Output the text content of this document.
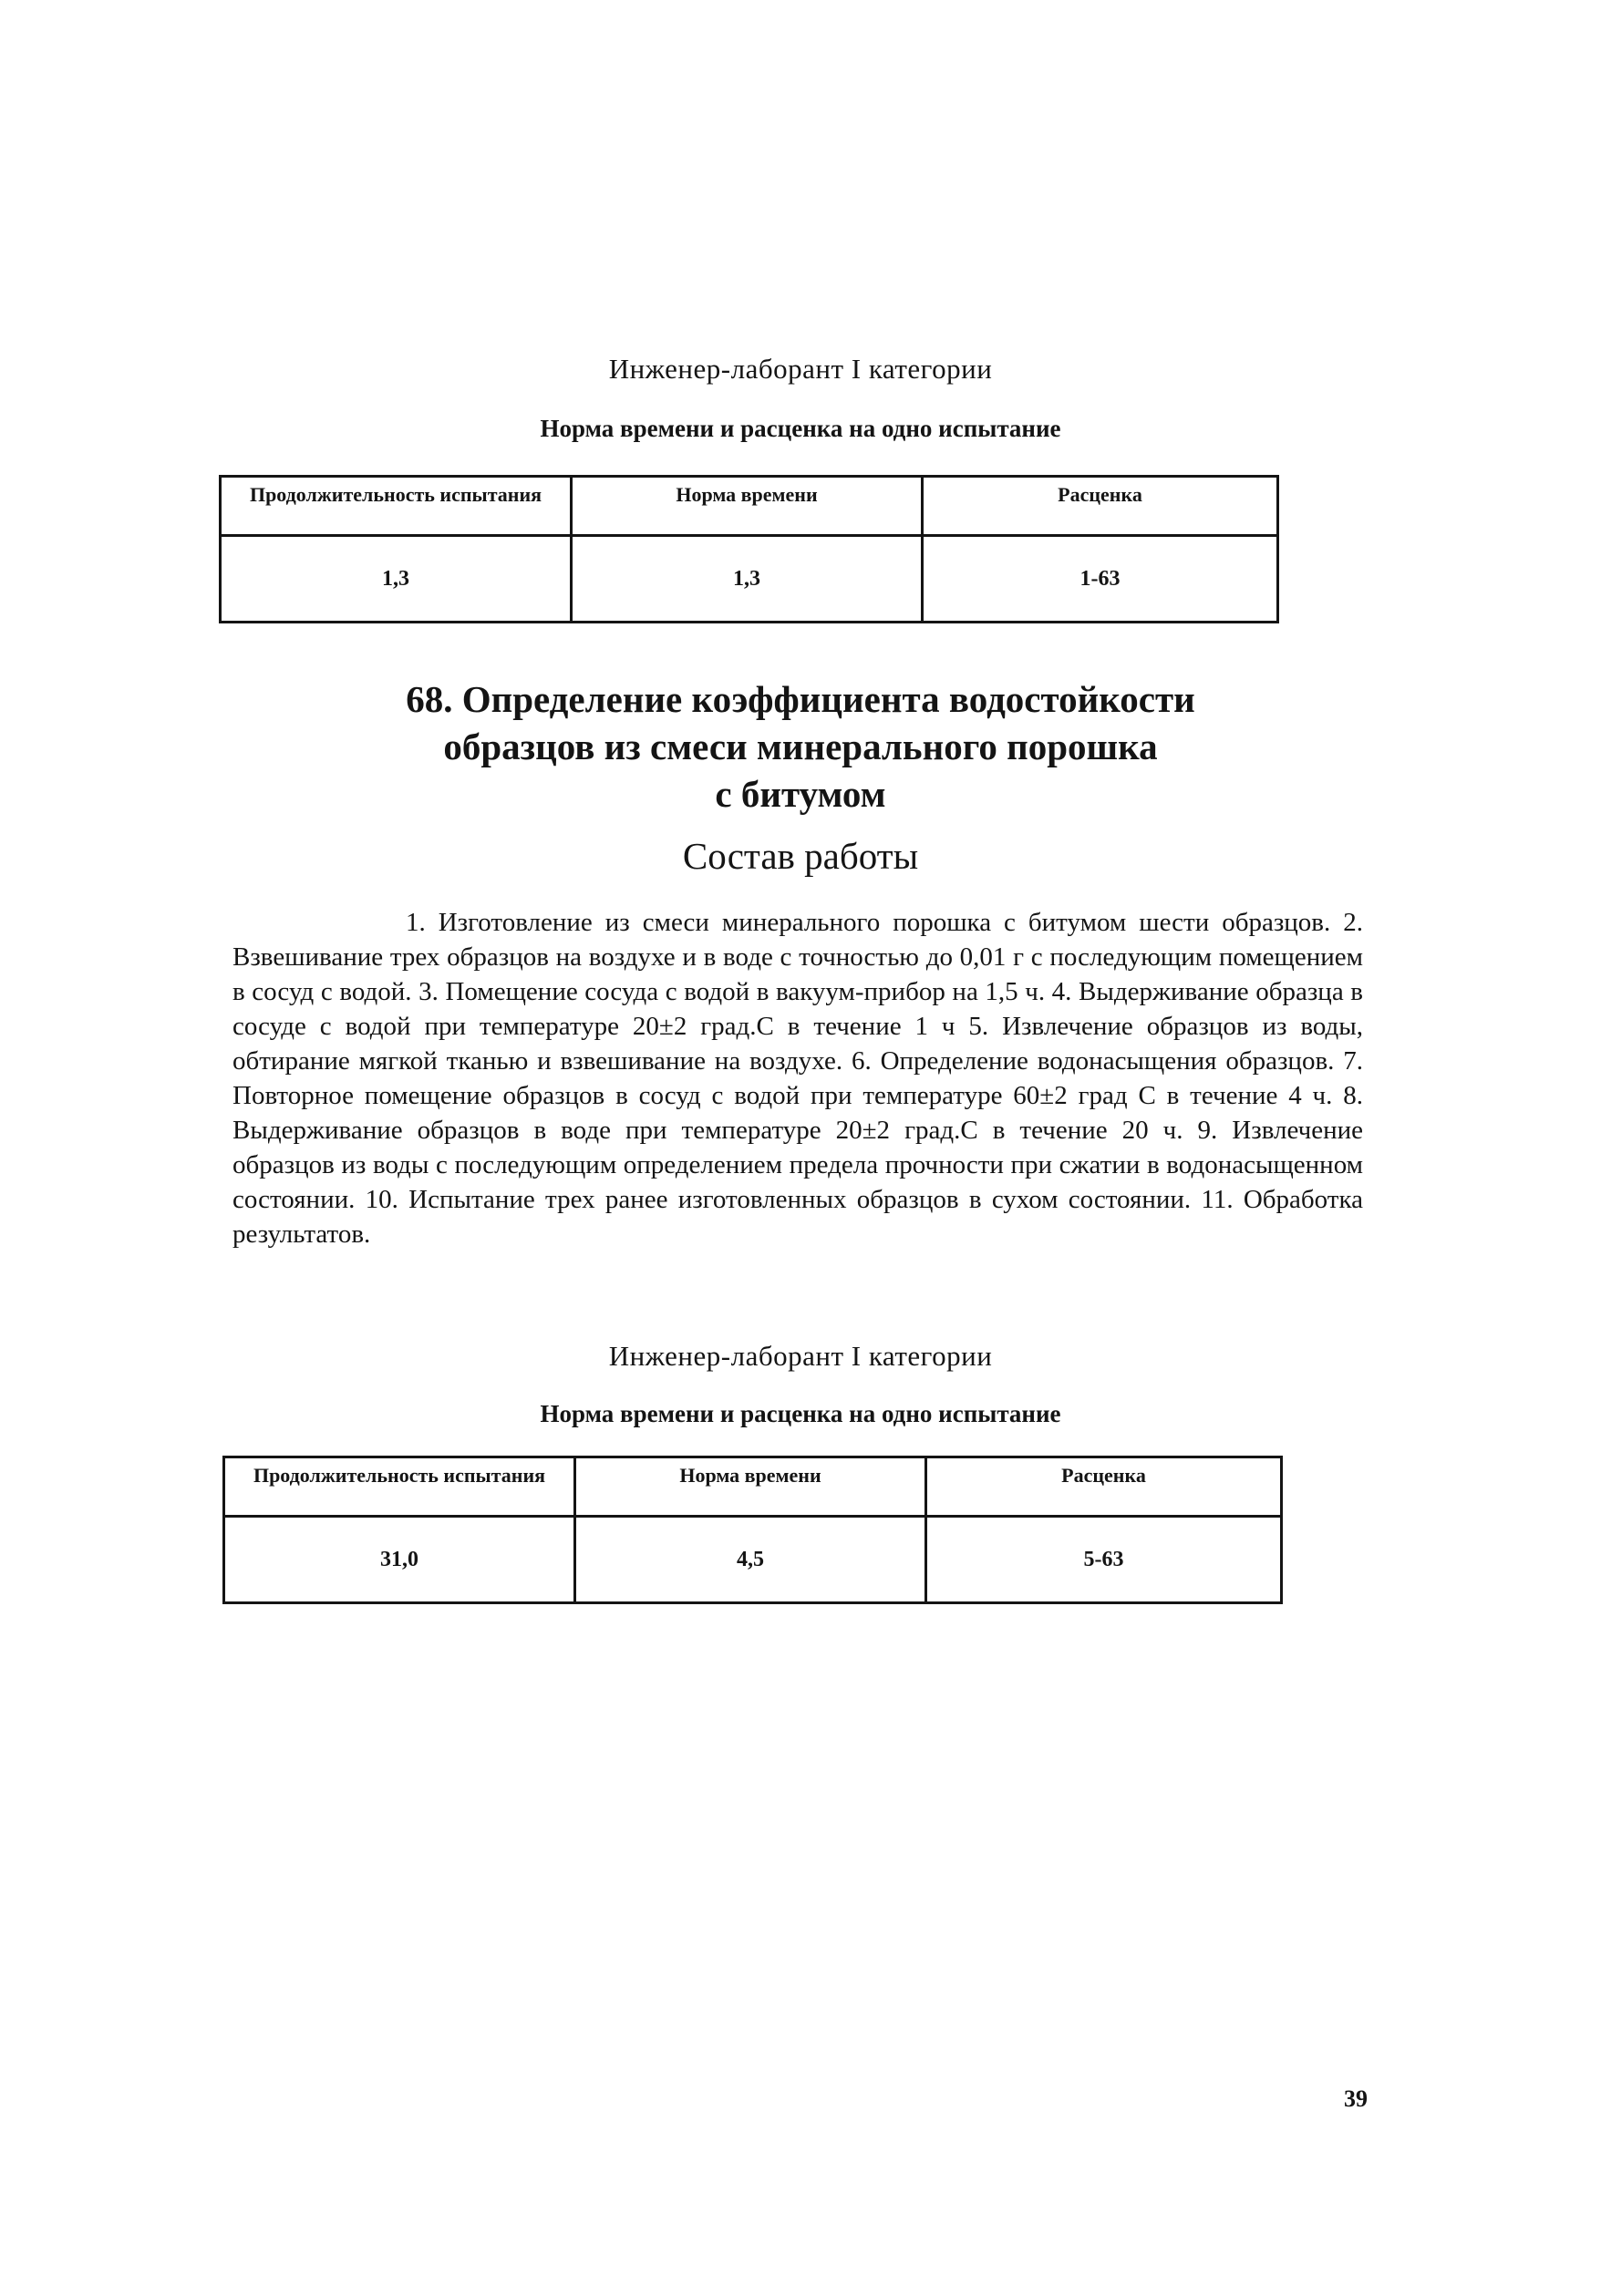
Инженер-лаборант I категории
Норма времени и расценка на одно испытание
Продолжительность испытания	Норма времени	Расценка
1,3	1,3	1-63
68. Определение коэффициента водостойкости
образцов из смеси минерального порошка
с битумом
Состав работы

1. Изготовление из смеси минерального порошка с битумом шести образцов. 2. Взвешивание трех образцов на воздухе и в воде с точностью до 0,01 г с последующим помещением в сосуд с водой. 3. Помещение сосуда с водой в вакуум-прибор на 1,5 ч. 4. Выдерживание образца в сосуде с водой при температуре 20±2 град.С в течение 1 ч 5. Извлечение образцов из воды, обтирание мягкой тканью и взвешивание на воздухе. 6. Определение водонасыщения образцов. 7. Повторное помещение образцов в сосуд с водой при температуре 60±2 град С в течение 4 ч. 8. Выдерживание образцов в воде при температуре 20±2 град.С в течение 20 ч. 9. Извлечение образцов из воды с последующим определением предела прочности при сжатии в водонасыщенном состоянии. 10. Испытание трех ранее изготовленных образцов в сухом состоянии. 11. Обработка результатов.

Инженер-лаборант I категории
Норма времени и расценка на одно испытание
Продолжительность испытания	Норма времени	Расценка
31,0	4,5	5-63
39
